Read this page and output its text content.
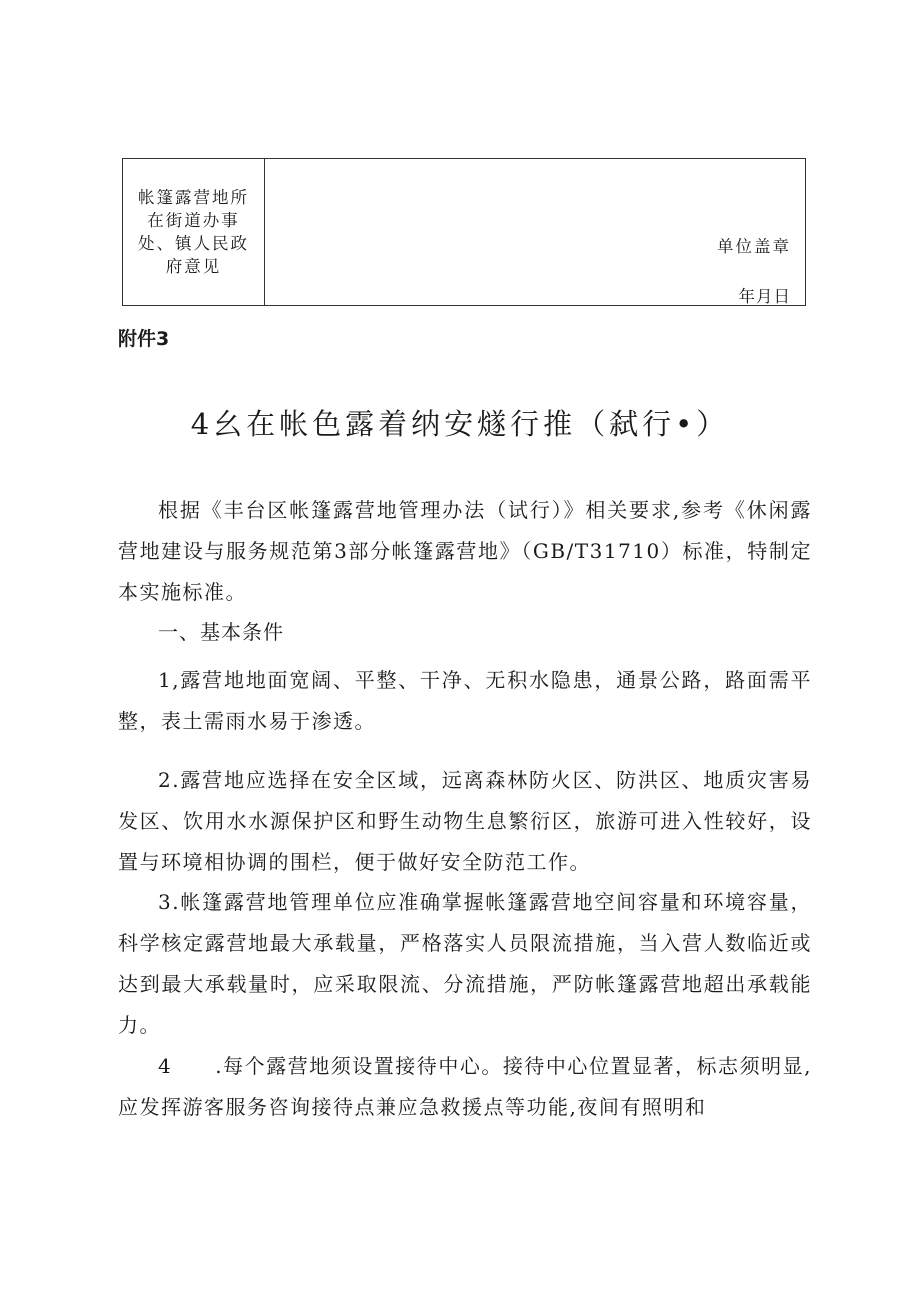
帐篷露营地所在街道办事处、镇人民政府意见
单位盖章
年月日
附件3
4幺在帐色露着纳安燧行推（弑行•）

根据《丰台区帐篷露营地管理办法（试行）》相关要求,参考《休闲露营地建设与服务规范第3部分帐篷露营地》（GB/T31710）标准，特制定本实施标准。

一、基本条件

1,露营地地面宽阔、平整、干净、无积水隐患，通景公路，路面需平整，表土需雨水易于渗透。

2.露营地应选择在安全区域，远离森林防火区、防洪区、地质灾害易发区、饮用水水源保护区和野生动物生息繁衍区，旅游可进入性较好，设置与环境相协调的围栏，便于做好安全防范工作。

3.帐篷露营地管理单位应准确掌握帐篷露营地空间容量和环境容量，科学核定露营地最大承载量，严格落实人员限流措施，当入营人数临近或达到最大承载量时，应采取限流、分流措施，严防帐篷露营地超出承载能力。

4　　.每个露营地须设置接待中心。接待中心位置显著，标志须明显,应发挥游客服务咨询接待点兼应急救援点等功能,夜间有照明和
